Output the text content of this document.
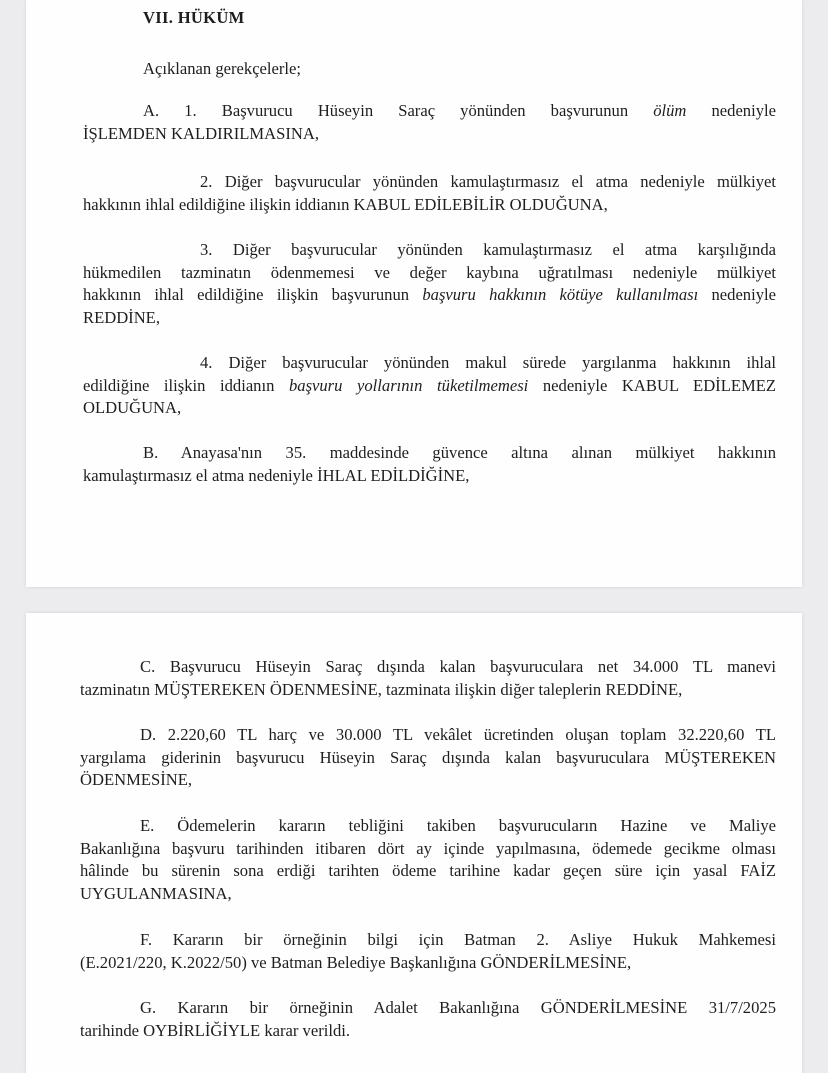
VII. HÜKÜM

Açıklanan gerekçelerle;

A. 1. Başvurucu Hüseyin Saraç yönünden başvurunun ölüm nedeniyle
İŞLEMDEN KALDIRILMASINA,

2. Diğer başvurucular yönünden kamulaştırmasız el atma nedeniyle mülkiyet
hakkının ihlal edildiğine ilişkin iddianın KABUL EDİLEBİLİR OLDUĞUNA,

3. Diğer başvurucular yönünden kamulaştırmasız el atma karşılığında
hükmedilen tazminatın ödenmemesi ve değer kaybına uğratılması nedeniyle mülkiyet
hakkının ihlal edildiğine ilişkin başvurunun başvuru hakkının kötüye kullanılması nedeniyle
REDDİNE,

4. Diğer başvurucular yönünden makul sürede yargılanma hakkının ihlal
edildiğine ilişkin iddianın başvuru yollarının tüketilmemesi nedeniyle KABUL EDİLEMEZ
OLDUĞUNA,

B. Anayasa'nın 35. maddesinde güvence altına alınan mülkiyet hakkının
kamulaştırmasız el atma nedeniyle İHLAL EDİLDİĞİNE,

C. Başvurucu Hüseyin Saraç dışında kalan başvuruculara net 34.000 TL manevi
tazminatın MÜŞTEREKEN ÖDENMESİNE, tazminata ilişkin diğer taleplerin REDDİNE,

D. 2.220,60 TL harç ve 30.000 TL vekâlet ücretinden oluşan toplam 32.220,60 TL
yargılama giderinin başvurucu Hüseyin Saraç dışında kalan başvuruculara MÜŞTEREKEN
ÖDENMESİNE,

E. Ödemelerin kararın tebliğini takiben başvurucuların Hazine ve Maliye
Bakanlığına başvuru tarihinden itibaren dört ay içinde yapılmasına, ödemede gecikme olması
hâlinde bu sürenin sona erdiği tarihten ödeme tarihine kadar geçen süre için yasal FAİZ
UYGULANMASINA,

F. Kararın bir örneğinin bilgi için Batman 2. Asliye Hukuk Mahkemesi
(E.2021/220, K.2022/50) ve Batman Belediye Başkanlığına GÖNDERİLMESİNE,

G. Kararın bir örneğinin Adalet Bakanlığına GÖNDERİLMESİNE 31/7/2025
tarihinde OYBİRLİĞİYLE karar verildi.
